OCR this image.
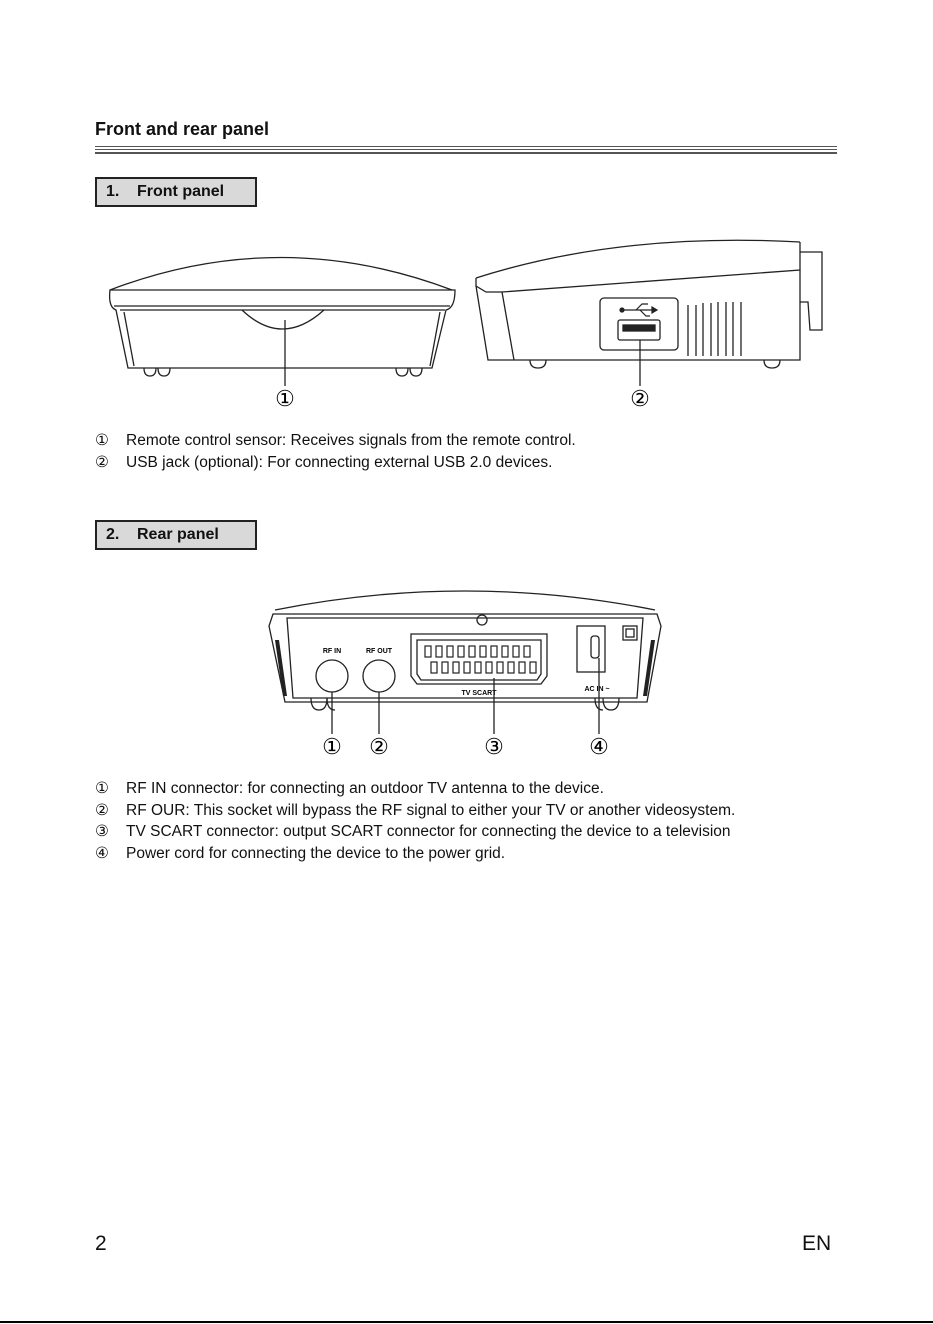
Front and rear panel
1. Front panel
①	②
① Remote control sensor: Receives signals from the remote control.
② USB jack (optional): For connecting external USB 2.0 devices.
2. Rear panel
RF IN	RF OUT
TV SCART
AC IN ~
① ②	③	④
① RF IN connector: for connecting an outdoor TV antenna to the device.
② RF OUR: This socket will bypass the RF signal to either your TV or another videosystem.
③ TV SCART connector: output SCART connector for connecting the device to a television
④ Power cord for connecting the device to the power grid.
2	EN
